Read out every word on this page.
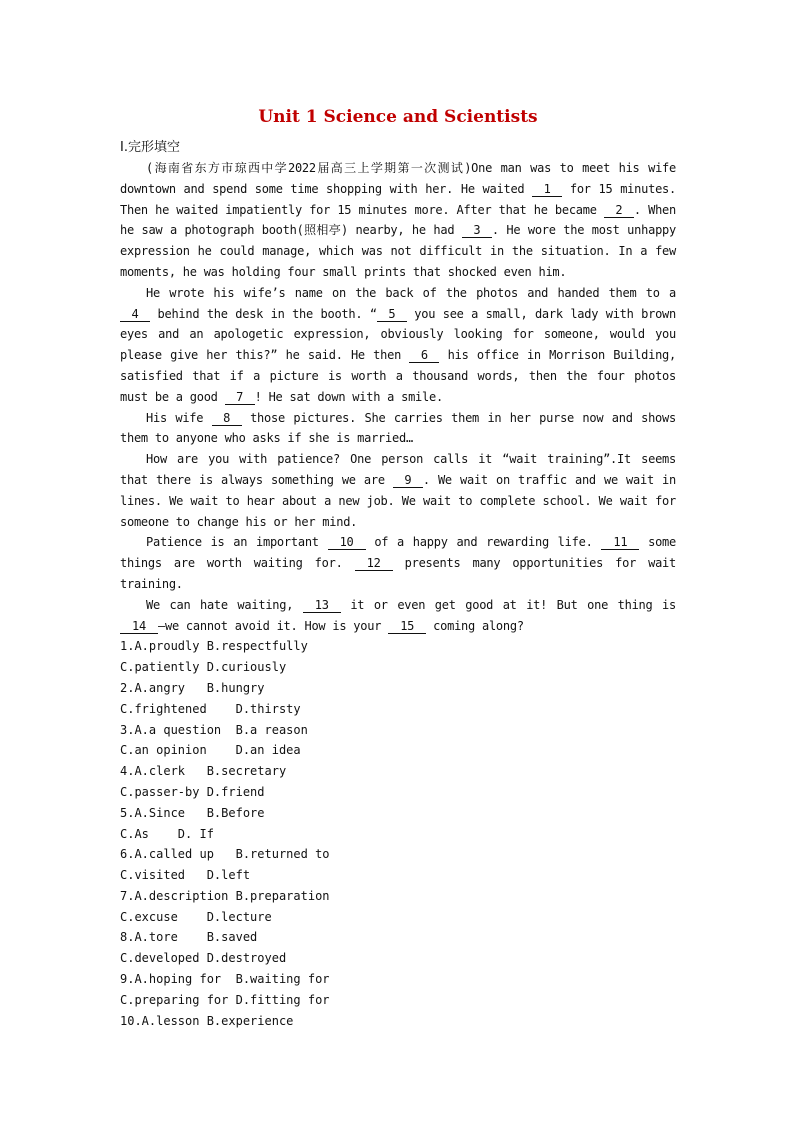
Unit 1 Science and Scientists
Ⅰ.完形填空

(海南省东方市琼西中学2022届高三上学期第一次测试)One man was to meet his wife downtown and spend some time shopping with her. He waited 1 for 15 minutes. Then he waited impatiently for 15 minutes more. After that he became 2 . When he saw a photograph booth(照相亭) nearby, he had 3 . He wore the most unhappy expression he could manage, which was not difficult in the situation. In a few moments, he was holding four small prints that shocked even him.

He wrote his wife’s name on the back of the photos and handed them to a 4 behind the desk in the booth. “ 5 you see a small, dark lady with brown eyes and an apologetic expression, obviously looking for someone, would you please give her this?” he said. He then 6 his office in Morrison Building, satisfied that if a picture is worth a thousand words, then the four photos must be a good 7 ! He sat down with a smile.

His wife 8 those pictures. She carries them in her purse now and shows them to anyone who asks if she is married…

How are you with patience? One person calls it “wait training”.It seems that there is always something we are 9 . We wait on traffic and we wait in lines. We wait to hear about a new job. We wait to complete school. We wait for someone to change his or her mind.

Patience is an important 10 of a happy and rewarding life. 11 some things are worth waiting for. 12 presents many opportunities for wait training.

We can hate waiting, 13 it or even get good at it! But one thing is 14 —we cannot avoid it. How is your 15 coming along?

1.A.proudly B.respectfully
C.patiently D.curiously
2.A.angry   B.hungry
C.frightened    D.thirsty
3.A.a question  B.a reason
C.an opinion    D.an idea
4.A.clerk   B.secretary
C.passer-by D.friend
5.A.Since   B.Before
C.As    D. If
6.A.called up   B.returned to
C.visited   D.left
7.A.description B.preparation
C.excuse    D.lecture
8.A.tore    B.saved
C.developed D.destroyed
9.A.hoping for  B.waiting for
C.preparing for D.fitting for
10.A.lesson B.experience
